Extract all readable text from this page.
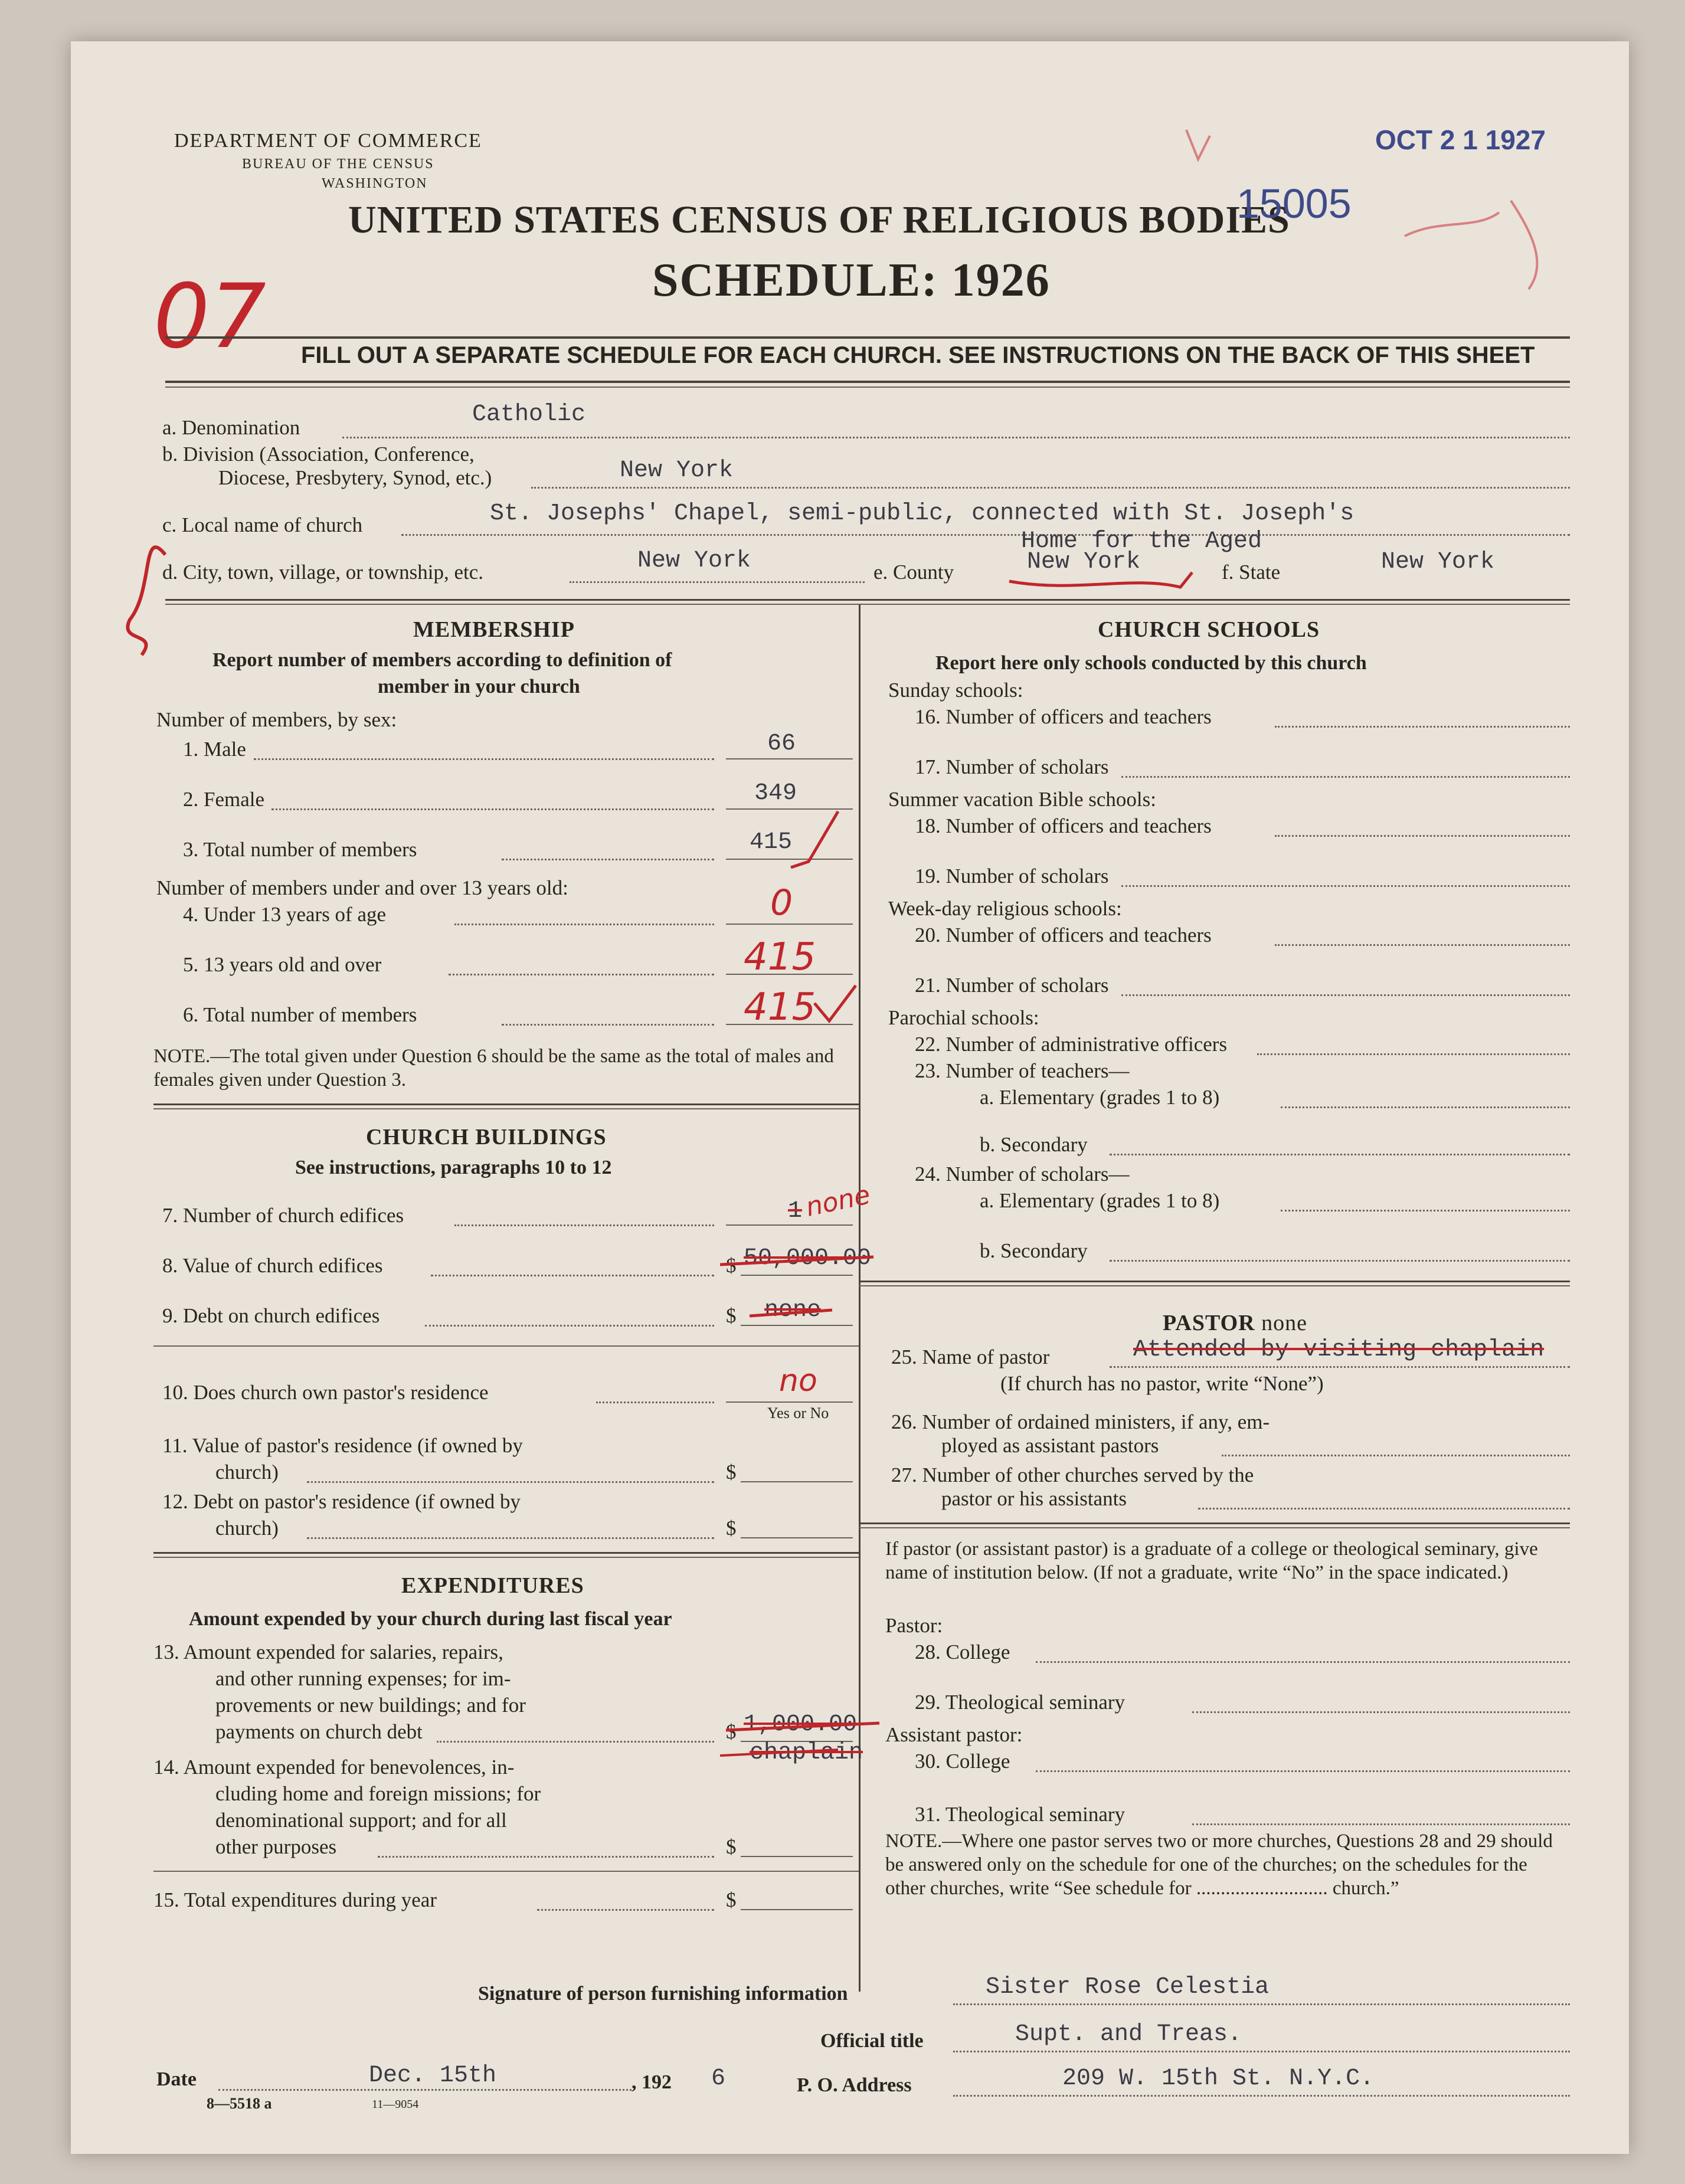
DEPARTMENT OF COMMERCE
BUREAU OF THE CENSUS
WASHINGTON
UNITED STATES CENSUS OF RELIGIOUS BODIES
SCHEDULE: 1926
OCT 2 1 1927
15005
07 FILL OUT A SEPARATE SCHEDULE FOR EACH CHURCH. SEE INSTRUCTIONS ON THE BACK OF THIS SHEET
a. Denomination	Catholic
b. Division (Association, Conference,
Diocese, Presbytery, Synod, etc.)	New York
c. Local name of church	St. Josephs' Chapel, semi-public, connected with St. Joseph's
d. City, town, village, or township, etc.	New York	e. County
Home for the Aged
New York	f. State	New York
MEMBERSHIP
Report number of members according to definition of
member in your church
Number of members, by sex:
1. Male	66
2. Female	349
3. Total number of members	415
Number of members under and over 13 years old:
4. Under 13 years of age	0
5. 13 years old and over	415
6. Total number of members	415
NOTE.—The total given under Question 6 should be the same as the total of males and females given under Question 3.
CHURCH BUILDINGS
See instructions, paragraphs 10 to 12
7. Number of church edifices	1 none
8. Value of church edifices	$ 50,000.00
9. Debt on church edifices	$ none
10. Does church own pastor's residence	no
Yes or No
11. Value of pastor's residence (if owned by
church)	$
12. Debt on pastor's residence (if owned by
church)	$
EXPENDITURES
Amount expended by your church during last fiscal year
13. Amount expended for salaries, repairs,
and other running expenses; for im-
provements or new buildings; and for
payments on church debt	$ 1,000.00
chaplain
14. Amount expended for benevolences, in-
cluding home and foreign missions; for
denominational support; and for all
other purposes	$
15. Total expenditures during year	$
CHURCH SCHOOLS
Report here only schools conducted by this church
Sunday schools:
16. Number of officers and teachers
17. Number of scholars
Summer vacation Bible schools:
18. Number of officers and teachers
19. Number of scholars
Week-day religious schools:
20. Number of officers and teachers
21. Number of scholars
Parochial schools:
22. Number of administrative officers
23. Number of teachers—
a. Elementary (grades 1 to 8)
b. Secondary
24. Number of scholars—
a. Elementary (grades 1 to 8)
b. Secondary
PASTOR none
25. Name of pastor	Attended by visiting chaplain
(If church has no pastor, write “None”)
26. Number of ordained ministers, if any, em-
ployed as assistant pastors
27. Number of other churches served by the
pastor or his assistants
If pastor (or assistant pastor) is a graduate of a college or theological seminary, give name of institution below. (If not a graduate, write “No” in the space indicated.)
Pastor:
28. College
29. Theological seminary
Assistant pastor:
30. College
31. Theological seminary
NOTE.—Where one pastor serves two or more churches, Questions 28 and 29 should be answered only on the schedule for one of the churches; on the schedules for the other churches, write “See schedule for ........................... church.”
Signature of person furnishing information	Sister Rose Celestia
Official title	Supt. and Treas.
Date	Dec. 15th	, 192 6	P. O. Address	209 W. 15th St. N.Y.C.
8—5518 a	11—9054
